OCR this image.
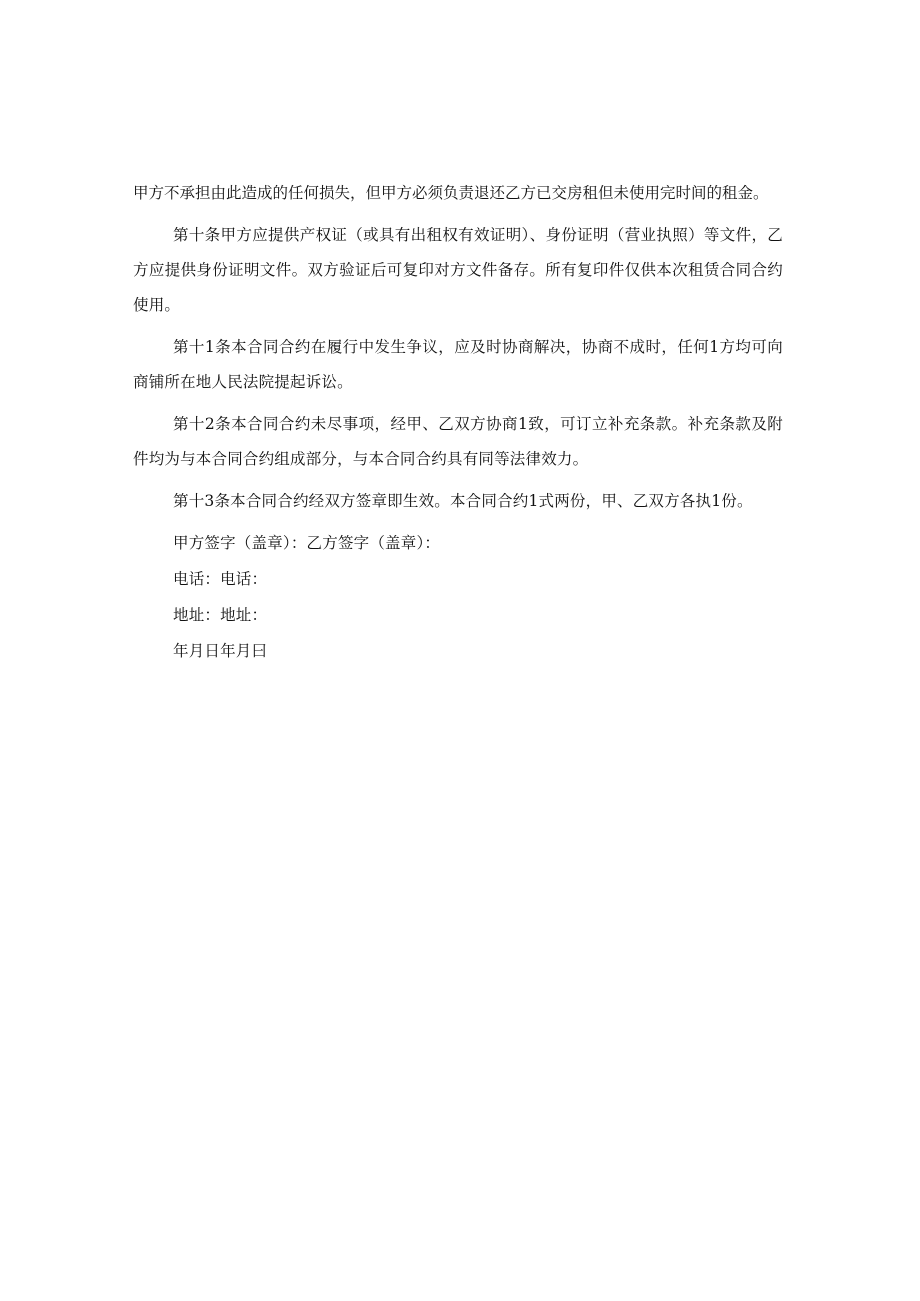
甲方不承担由此造成的任何损失，但甲方必须负责退还乙方已交房租但未使用完时间的租金。

第十条甲方应提供产权证（或具有出租权有效证明）、身份证明（营业执照）等文件，乙方应提供身份证明文件。双方验证后可复印对方文件备存。所有复印件仅供本次租赁合同合约使用。

第十1条本合同合约在履行中发生争议，应及时协商解决，协商不成时，任何1方均可向商铺所在地人民法院提起诉讼。

第十2条本合同合约未尽事项，经甲、乙双方协商1致，可订立补充条款。补充条款及附件均为与本合同合约组成部分，与本合同合约具有同等法律效力。

第十3条本合同合约经双方签章即生效。本合同合约1式两份，甲、乙双方各执1份。

甲方签字（盖章）：乙方签字（盖章）：

电话：电话：

地址：地址：

年月日年月曰
